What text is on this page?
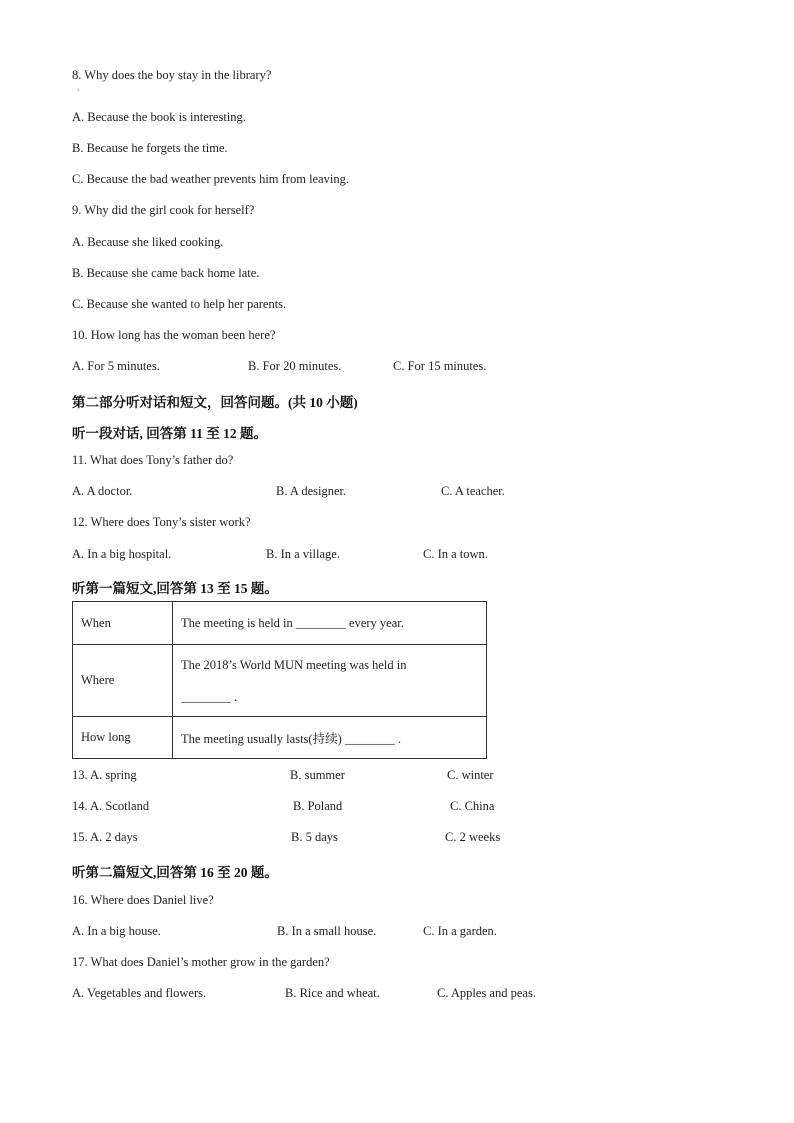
8. Why does the boy stay in the library?
·
A. Because the book is interesting.
B. Because he forgets the time.
C. Because the bad weather prevents him from leaving.
9. Why did the girl cook for herself?
A. Because she liked cooking.
B. Because she came back home late.
C. Because she wanted to help her parents.
10. How long has the woman been here?
A. For 5 minutes.	B. For 20 minutes.	C. For 15 minutes.
第二部分听对话和短文，回答问题。(共 10 小题)
听一段对话, 回答第 11 至 12 题。
11. What does Tony’s father do?
A. A doctor.	B. A designer.	C. A teacher.
12. Where does Tony’s sister work?
A. In a big hospital.	B. In a village.	C. In a town.
听第一篇短文,回答第 13 至 15 题。
When	The meeting is held in ________ every year.
Where	The 2018’s World MUN meeting was held in
________ .

How long	The meeting usually lasts(持续) ________ .
13. A. spring	B. summer	C. winter
14. A. Scotland	B. Poland	C. China
15. A. 2 days	B. 5 days	C. 2 weeks
听第二篇短文,回答第 16 至 20 题。
16. Where does Daniel live?
A. In a big house.	B. In a small house.	C. In a garden.
17. What does Daniel’s mother grow in the garden?
A. Vegetables and flowers.	B. Rice and wheat.	C. Apples and peas.
